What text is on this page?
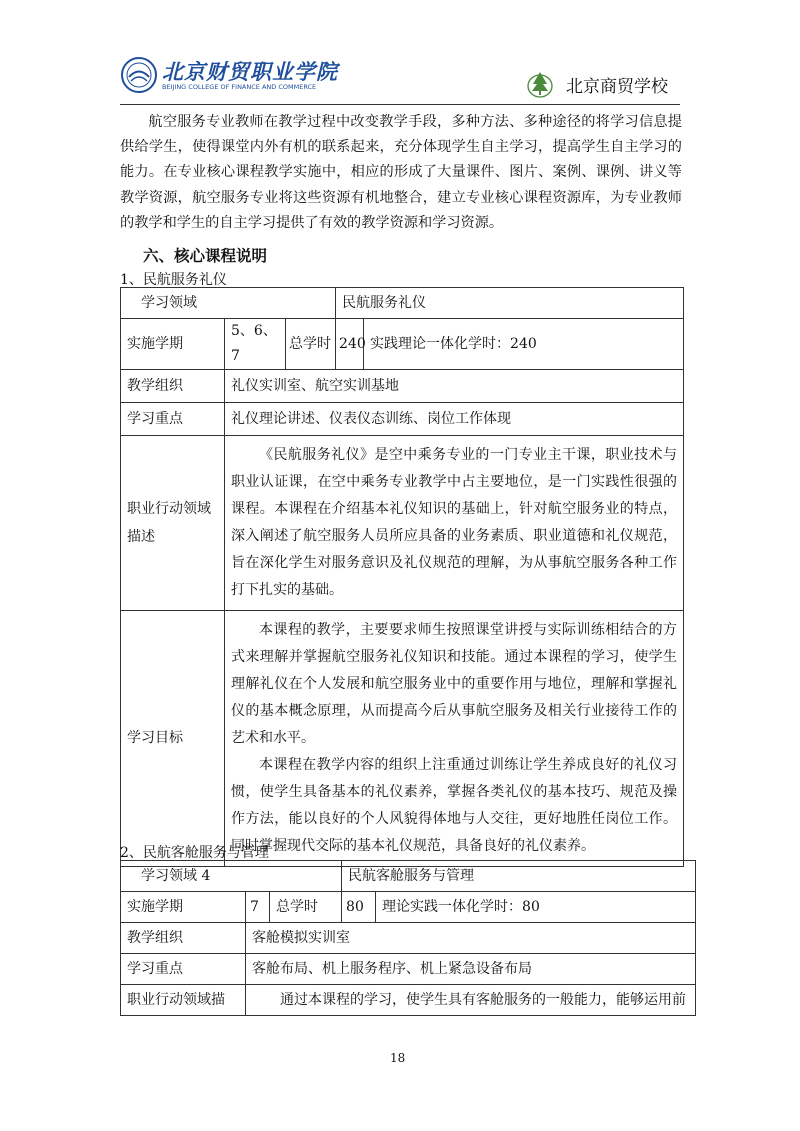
北京财贸职业学院
BEIJING COLLEGE OF FINANCE AND COMMERCE	北京商贸学校

航空服务专业教师在教学过程中改变教学手段，多种方法、多种途径的将学习信息提供给学生，使得课堂内外有机的联系起来，充分体现学生自主学习，提高学生自主学习的能力。在专业核心课程教学实施中，相应的形成了大量课件、图片、案例、课例、讲义等教学资源，航空服务专业将这些资源有机地整合，建立专业核心课程资源库，为专业教师的教学和学生的自主学习提供了有效的教学资源和学习资源。

六、核心课程说明

1、民航服务礼仪

学习领域			民航服务礼仪	
实施学期	5、6、7	总学时	240	实践理论一体化学时：240
教学组织	礼仪实训室、航空实训基地			
学习重点	礼仪理论讲述、仪表仪态训练、岗位工作体现			
职业行动领域描述	《民航服务礼仪》是空中乘务专业的一门专业主干课，职业技术与职业认证课，在空中乘务专业教学中占主要地位，是一门实践性很强的课程。本课程在介绍基本礼仪知识的基础上，针对航空服务业的特点，深入阐述了航空服务人员所应具备的业务素质、职业道德和礼仪规范，旨在深化学生对服务意识及礼仪规范的理解，为从事航空服务各种工作打下扎实的基础。			
学习目标	本课程的教学，主要要求师生按照课堂讲授与实际训练相结合的方式来理解并掌握航空服务礼仪知识和技能。通过本课程的学习，使学生理解礼仪在个人发展和航空服务业中的重要作用与地位，理解和掌握礼仪的基本概念原理，从而提高今后从事航空服务及相关行业接待工作的艺术和水平。

本课程在教学内容的组织上注重通过训练让学生养成良好的礼仪习惯，使学生具备基本的礼仪素养，掌握各类礼仪的基本技巧、规范及操作方法，能以良好的个人风貌得体地与人交往，更好地胜任岗位工作。同时掌握现代交际的基本礼仪规范，具备良好的礼仪素养。			

2、民航客舱服务与管理

学习领域 4			民航客舱服务与管理	
实施学期	7	总学时	80	理论实践一体化学时：80
教学组织	客舱模拟实训室			
学习重点	客舱布局、机上服务程序、机上紧急设备布局			
职业行动领域描	通过本课程的学习，使学生具有客舱服务的一般能力，能够运用前			
18
